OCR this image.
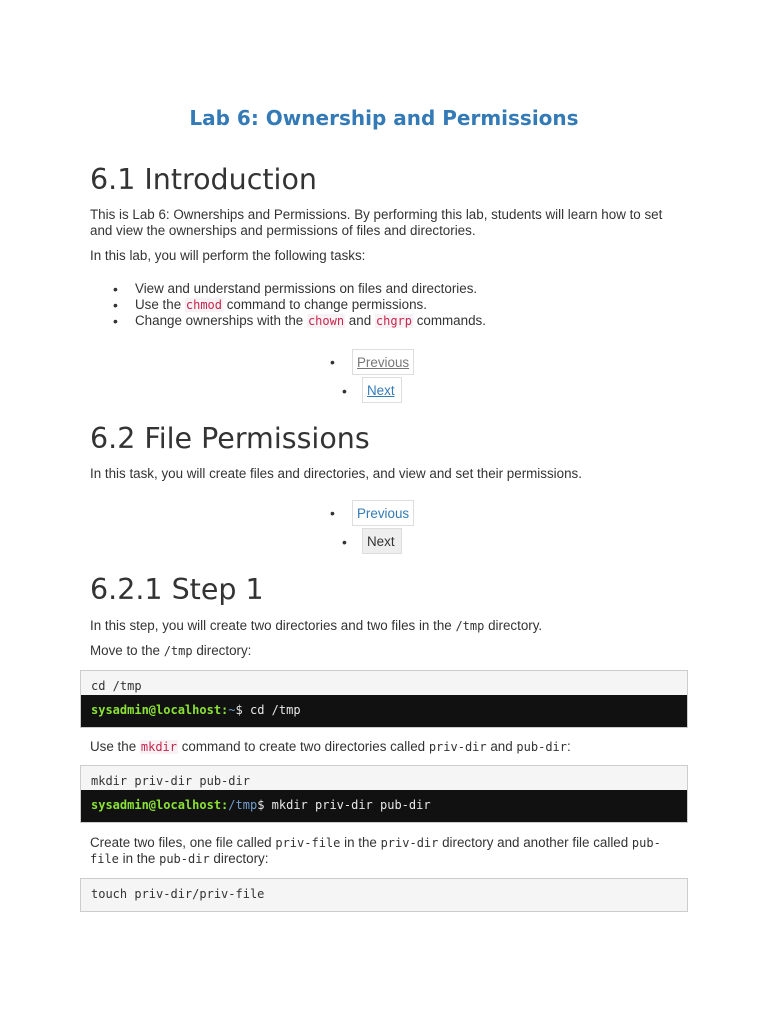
Lab 6: Ownership and Permissions
6.1 Introduction

This is Lab 6: Ownerships and Permissions. By performing this lab, students will learn how to set and view the ownerships and permissions of files and directories.

In this lab, you will perform the following tasks:

• View and understand permissions on files and directories.
• Use the chmod command to change permissions.
• Change ownerships with the chown and chgrp commands.
•	Previous
•	Next
6.2 File Permissions

In this task, you will create files and directories, and view and set their permissions.

•	Previous
•	Next
6.2.1 Step 1

In this step, you will create two directories and two files in the /tmp directory.

Move to the /tmp directory:

cd /tmp
sysadmin@localhost:~$ cd /tmp

Use the mkdir command to create two directories called priv-dir and pub-dir:

mkdir priv-dir pub-dir
sysadmin@localhost:/tmp$ mkdir priv-dir pub-dir

Create two files, one file called priv-file in the priv-dir directory and another file called pub-
file in the pub-dir directory:

touch priv-dir/priv-file
